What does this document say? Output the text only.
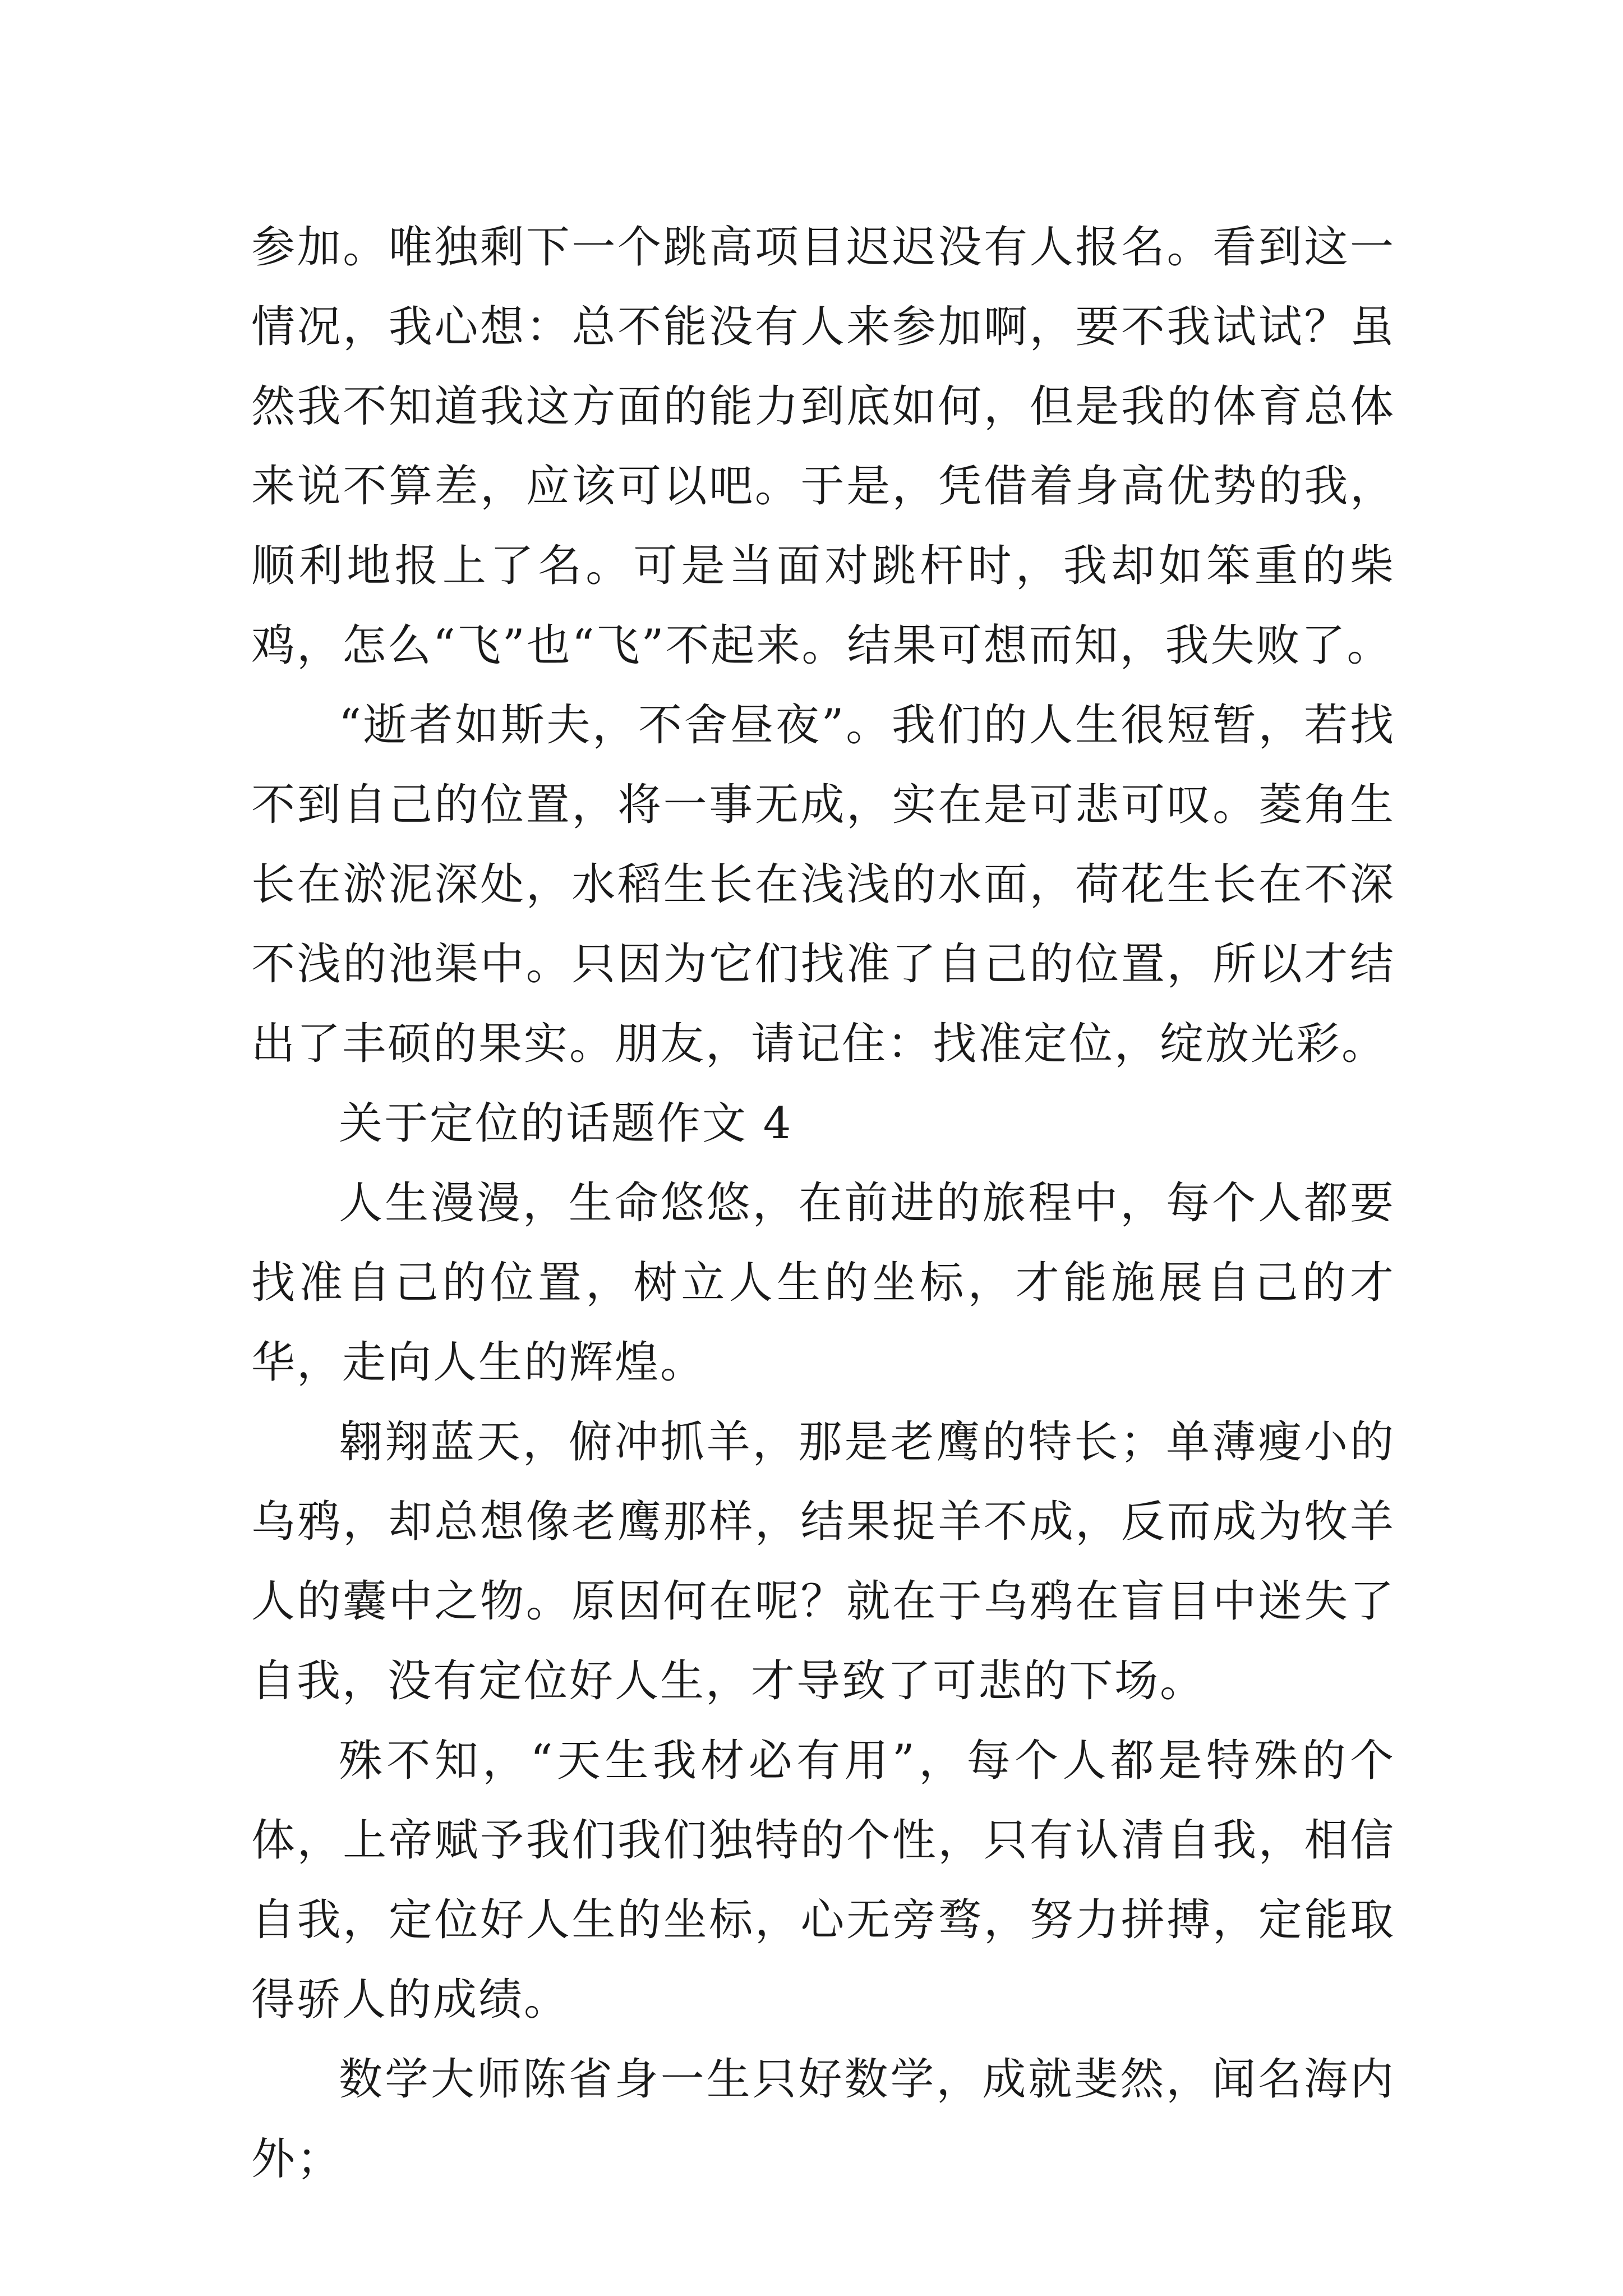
参加。唯独剩下一个跳高项目迟迟没有人报名。看到这一情况，我心想：总不能没有人来参加啊，要不我试试？虽然我不知道我这方面的能力到底如何，但是我的体育总体来说不算差，应该可以吧。于是，凭借着身高优势的我，顺利地报上了名。可是当面对跳杆时，我却如笨重的柴鸡，怎么“飞”也“飞”不起来。结果可想而知，我失败了。

“逝者如斯夫，不舍昼夜”。我们的人生很短暂，若找不到自己的位置，将一事无成，实在是可悲可叹。菱角生长在淤泥深处，水稻生长在浅浅的水面，荷花生长在不深不浅的池渠中。只因为它们找准了自己的位置，所以才结出了丰硕的果实。朋友，请记住：找准定位，绽放光彩。

关于定位的话题作文 4

人生漫漫，生命悠悠，在前进的旅程中，每个人都要找准自己的位置，树立人生的坐标，才能施展自己的才华，走向人生的辉煌。

翱翔蓝天，俯冲抓羊，那是老鹰的特长；单薄瘦小的乌鸦，却总想像老鹰那样，结果捉羊不成，反而成为牧羊人的囊中之物。原因何在呢？就在于乌鸦在盲目中迷失了自我，没有定位好人生，才导致了可悲的下场。

殊不知，“天生我材必有用”，每个人都是特殊的个体，上帝赋予我们我们独特的个性，只有认清自我，相信自我，定位好人生的坐标，心无旁骛，努力拼搏，定能取得骄人的成绩。

数学大师陈省身一生只好数学，成就斐然，闻名海内外；
